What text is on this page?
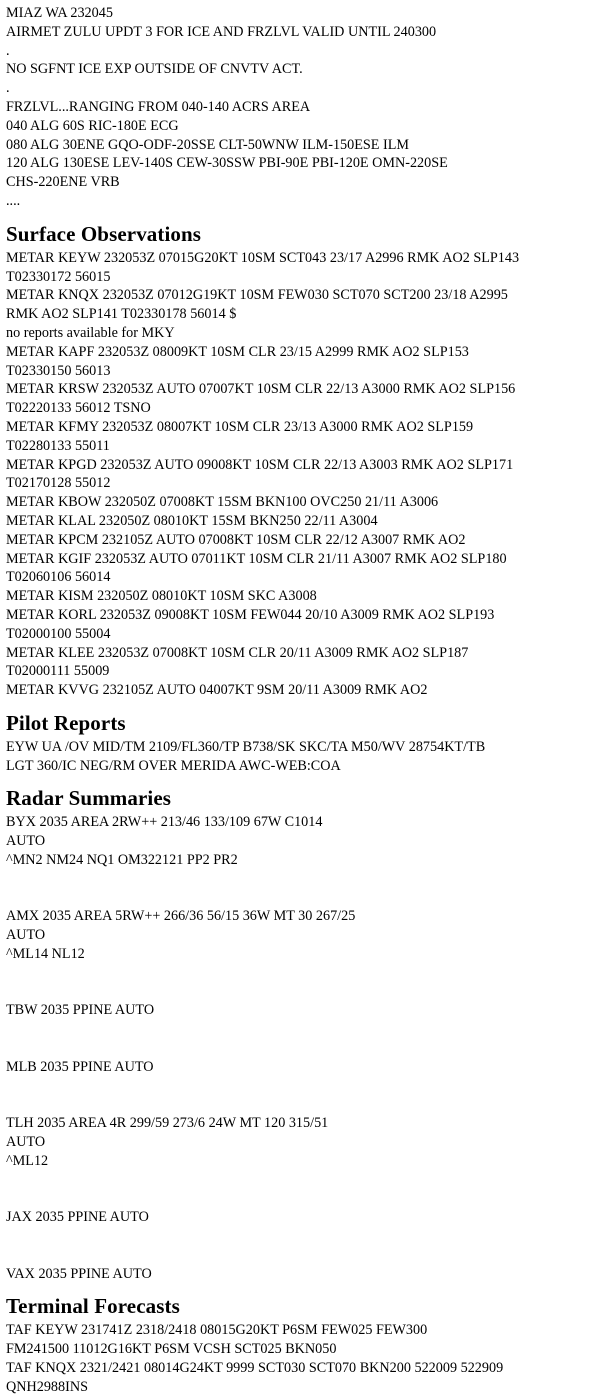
MIAZ WA 232045

AIRMET ZULU UPDT 3 FOR ICE AND FRZLVL VALID UNTIL 240300

.

NO SGFNT ICE EXP OUTSIDE OF CNVTV ACT.

.

FRZLVL...RANGING FROM 040-140 ACRS AREA

040 ALG 60S RIC-180E ECG

080 ALG 30ENE GQO-ODF-20SSE CLT-50WNW ILM-150ESE ILM

120 ALG 130ESE LEV-140S CEW-30SSW PBI-90E PBI-120E OMN-220SE

CHS-220ENE VRB

....

Surface Observations

METAR KEYW 232053Z 07015G20KT 10SM SCT043 23/17 A2996 RMK AO2 SLP143

T02330172 56015

METAR KNQX 232053Z 07012G19KT 10SM FEW030 SCT070 SCT200 23/18 A2995

RMK AO2 SLP141 T02330178 56014 $

no reports available for MKY

METAR KAPF 232053Z 08009KT 10SM CLR 23/15 A2999 RMK AO2 SLP153

T02330150 56013

METAR KRSW 232053Z AUTO 07007KT 10SM CLR 22/13 A3000 RMK AO2 SLP156

T02220133 56012 TSNO

METAR KFMY 232053Z 08007KT 10SM CLR 23/13 A3000 RMK AO2 SLP159

T02280133 55011

METAR KPGD 232053Z AUTO 09008KT 10SM CLR 22/13 A3003 RMK AO2 SLP171

T02170128 55012

METAR KBOW 232050Z 07008KT 15SM BKN100 OVC250 21/11 A3006

METAR KLAL 232050Z 08010KT 15SM BKN250 22/11 A3004

METAR KPCM 232105Z AUTO 07008KT 10SM CLR 22/12 A3007 RMK AO2

METAR KGIF 232053Z AUTO 07011KT 10SM CLR 21/11 A3007 RMK AO2 SLP180

T02060106 56014

METAR KISM 232050Z 08010KT 10SM SKC A3008

METAR KORL 232053Z 09008KT 10SM FEW044 20/10 A3009 RMK AO2 SLP193

T02000100 55004

METAR KLEE 232053Z 07008KT 10SM CLR 20/11 A3009 RMK AO2 SLP187

T02000111 55009

METAR KVVG 232105Z AUTO 04007KT 9SM 20/11 A3009 RMK AO2

Pilot Reports

EYW UA /OV MID/TM 2109/FL360/TP B738/SK SKC/TA M50/WV 28754KT/TB

LGT 360/IC NEG/RM OVER MERIDA AWC-WEB:COA

Radar Summaries

BYX 2035 AREA 2RW++ 213/46 133/109 67W C1014

AUTO

^MN2 NM24 NQ1 OM322121 PP2 PR2

AMX 2035 AREA 5RW++ 266/36 56/15 36W MT 30 267/25

AUTO

^ML14 NL12

TBW 2035 PPINE AUTO

MLB 2035 PPINE AUTO

TLH 2035 AREA 4R 299/59 273/6 24W MT 120 315/51

AUTO

^ML12

JAX 2035 PPINE AUTO

VAX 2035 PPINE AUTO

Terminal Forecasts

TAF KEYW 231741Z 2318/2418 08015G20KT P6SM FEW025 FEW300

FM241500 11012G16KT P6SM VCSH SCT025 BKN050

TAF KNQX 2321/2421 08014G24KT 9999 SCT030 SCT070 BKN200 522009 522909

QNH2988INS
